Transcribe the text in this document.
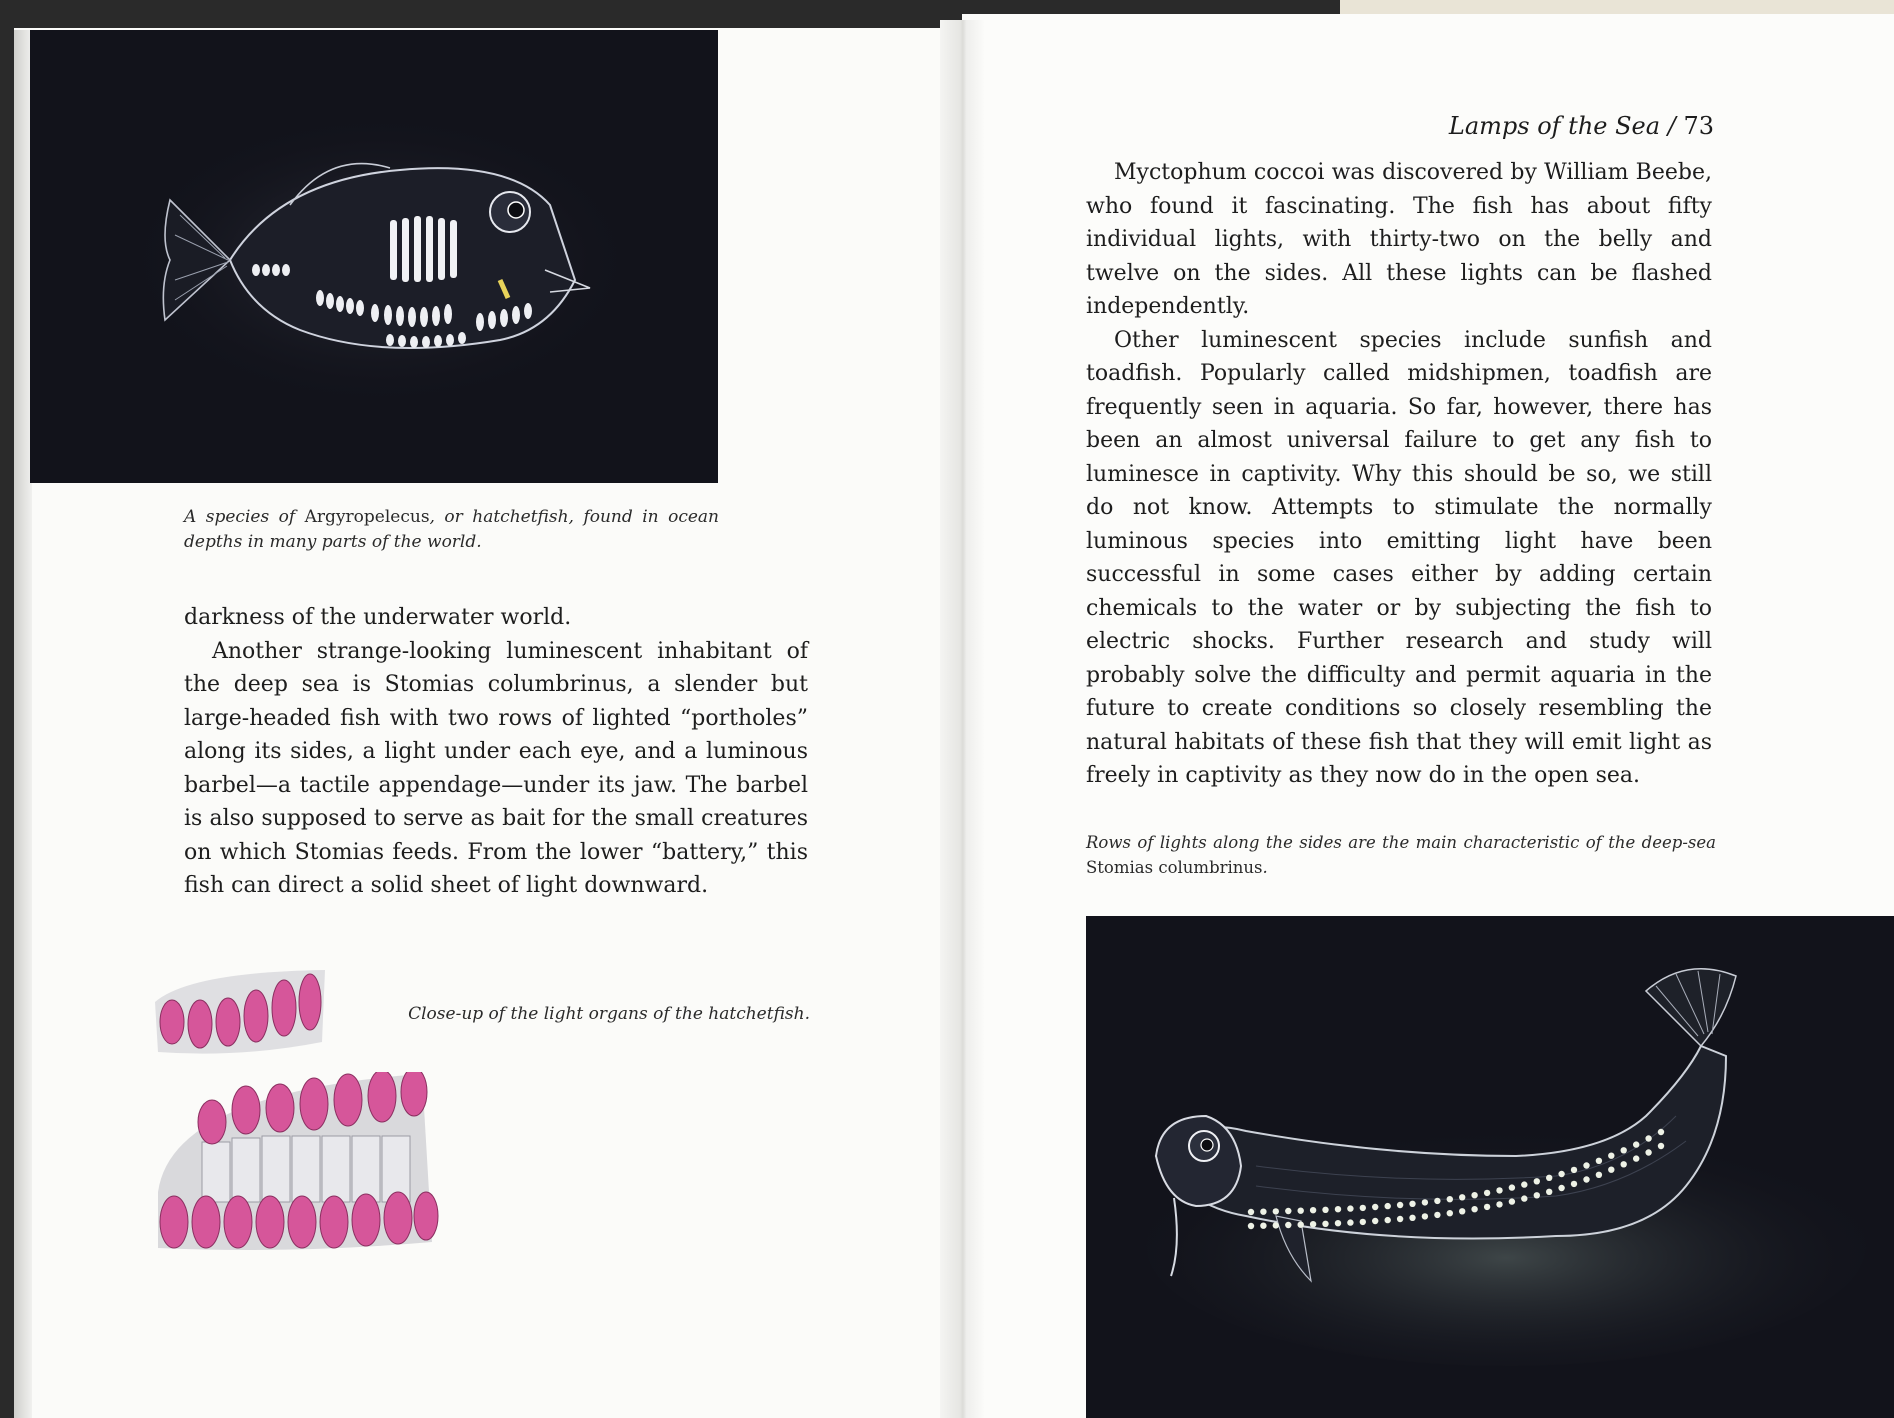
A species of Argyropelecus, or hatchetfish, found in ocean depths in many parts of the world.

darkness of the underwater world.

Another strange-looking luminescent inhabitant of the deep sea is Stomias columbrinus, a slender but large-headed fish with two rows of lighted “portholes” along its sides, a light under each eye, and a luminous barbel—a tactile appendage—under its jaw. The barbel is also supposed to serve as bait for the small creatures on which Stomias feeds. From the lower “battery,” this fish can direct a solid sheet of light downward.

Close-up of the light organs of the hatchetfish.
Lamps of the Sea / 73

Myctophum coccoi was discovered by William Beebe, who found it fascinating. The fish has about fifty individual lights, with thirty-two on the belly and twelve on the sides. All these lights can be flashed independently.

Other luminescent species include sunfish and toadfish. Popularly called midshipmen, toadfish are frequently seen in aquaria. So far, however, there has been an almost universal failure to get any fish to luminesce in captivity. Why this should be so, we still do not know. Attempts to stimulate the normally luminous species into emitting light have been successful in some cases either by adding certain chemicals to the water or by subjecting the fish to electric shocks. Further research and study will probably solve the difficulty and permit aquaria in the future to create conditions so closely resembling the natural habitats of these fish that they will emit light as freely in captivity as they now do in the open sea.

Rows of lights along the sides are the main characteristic of the deep-sea Stomias columbrinus.
